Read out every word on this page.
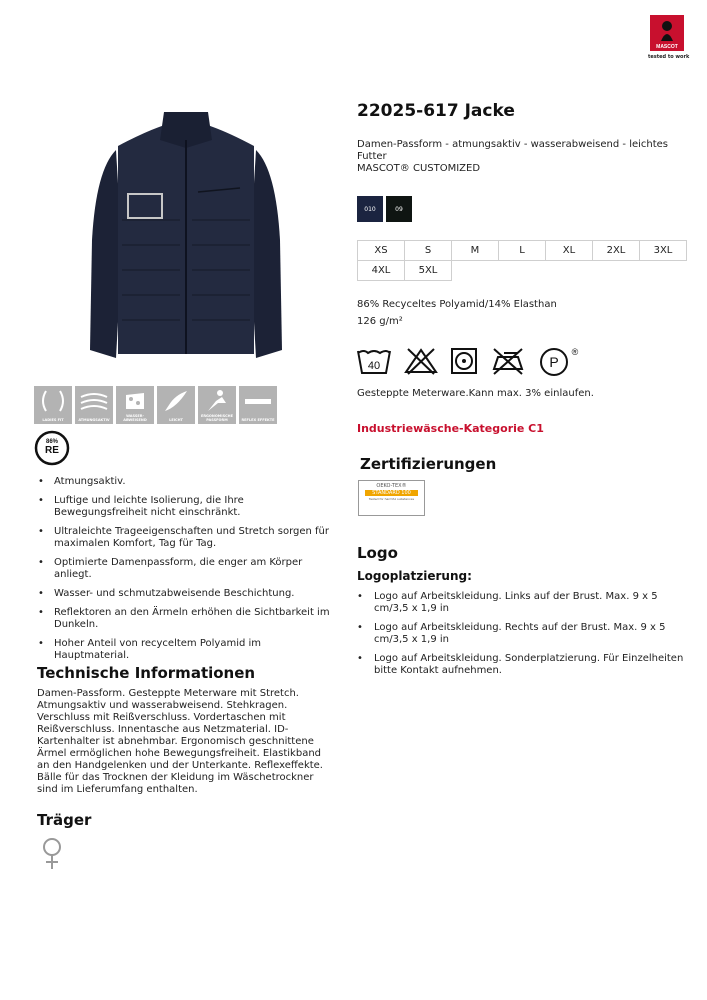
MASCOT
tested to work
LADIES FIT	ATMUNGSAKTIV
WASSER-ABWEISEND	LEICHT
ERGONOMISCHE PASSFORM	REFLEX EFFEKTE
86%
RE
• Atmungsaktiv.
• Luftige und leichte Isolierung, die Ihre Bewegungsfreiheit nicht einschränkt.
• Ultraleichte Trageeigenschaften und Stretch sorgen für maximalen Komfort, Tag für Tag.
• Optimierte Damenpassform, die enger am Körper anliegt.
• Wasser- und schmutzabweisende Beschichtung.
• Reflektoren an den Ärmeln erhöhen die Sichtbarkeit im Dunkeln.
• Hoher Anteil von recyceltem Polyamid im Hauptmaterial.
Technische Informationen
Damen-Passform. Gesteppte Meterware mit Stretch. Atmungsaktiv und wasserabweisend. Stehkragen. Verschluss mit Reißverschluss. Vordertaschen mit Reißverschluss. Innentasche aus Netzmaterial. ID-Kartenhalter ist abnehmbar. Ergonomisch geschnittene Ärmel ermöglichen hohe Bewegungsfreiheit. Elastikband an den Handgelenken und der Unterkante. Reflexeffekte. Bälle für das Trocknen der Kleidung im Wäschetrockner sind im Lieferumfang enthalten.
Träger
22025-617 Jacke
Damen-Passform - atmungsaktiv - wasserabweisend - leichtes Futter
MASCOT® CUSTOMIZED
010	09
XS	S	M	L	XL	2XL	3XL
4XL	5XL					
86% Recyceltes Polyamid/14% Elasthan
126 g/m²
40	P
®
Gesteppte Meterware.Kann max. 3% einlaufen.
Industriewäsche-Kategorie C1
Zertifizierungen
OEKO-TEX®
STANDARD 100
Tested for harmful substances
Logo
Logoplatzierung:
• Logo auf Arbeitskleidung. Links auf der Brust. Max. 9 x 5 cm/3,5 x 1,9 in
• Logo auf Arbeitskleidung. Rechts auf der Brust. Max. 9 x 5 cm/3,5 x 1,9 in
• Logo auf Arbeitskleidung. Sonderplatzierung. Für Einzelheiten bitte Kontakt aufnehmen.
